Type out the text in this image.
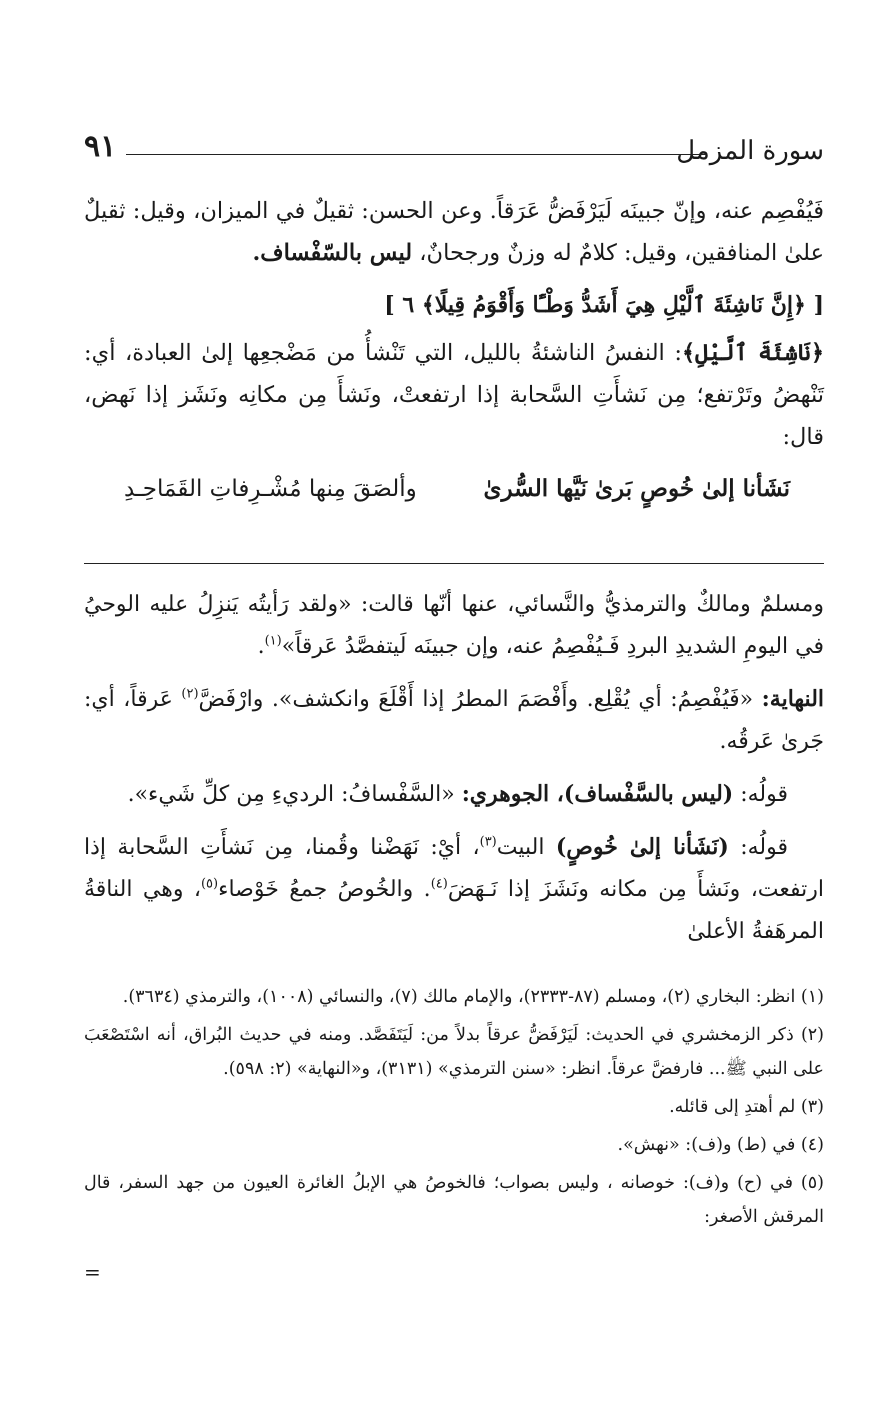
سورة المزمل
٩١

فَيُفْصِم عنه، وإنّ جبينَه لَيَرْفَضُّ عَرَقاً. وعن الحسن: ثقيلٌ في الميزان، وقيل: ثقيلٌ علىٰ المنافقين، وقيل: كلامٌ له وزنٌ ورجحانٌ، ليس بالسّفْساف.

[ ﴿إِنَّ نَاشِئَةَ ٱلَّيْلِ هِيَ أَشَدُّ وَطْـًٔا وَأَقْوَمُ قِيلًا﴾ ٦ ]

﴿نَاشِئَةَ ٱلَّيْلِ﴾: النفسُ الناشئةُ بالليل، التي تَنْشأُ من مَضْجعِها إلىٰ العبادة، أي: تَنْهضُ وتَرْتفع؛ مِن نَشأَتِ السَّحابة إذا ارتفعتْ، ونَشأَ مِن مكانِه ونَشَز إذا نَهض، قال:

نَشَأنا إلىٰ خُوصٍ بَرىٰ نَيَّها السُّرىٰ
وألصَقَ مِنها مُشْـرِفاتِ القَمَاحِـدِ

ومسلمٌ ومالكٌ والترمذيُّ والنَّسائي، عنها أنّها قالت: «ولقد رَأيتُه يَنزِلُ عليه الوحيُ في اليومِ الشديدِ البردِ فَـيُفْصِمُ عنه، وإن جبينَه لَيتفصَّدُ عَرقاً»$^{(١)}$.

النهاية: «فَيُفْصِمُ: أي يُقْلِع. وأَفْصَمَ المطرُ إذا أَقْلَعَ وانكشف». وارْفَضَّ$^{(٢)}$ عَرقاً، أي: جَرىٰ عَرقُه.

قولُه: (ليس بالسَّفْساف)، الجوهري: «السَّفْسافُ: الرديءِ مِن كلِّ شَيء».

قولُه: (نَشَأنا إلىٰ خُوصٍ) البيت$^{(٣)}$، أيْ: نَهَضْنا وقُمنا، مِن نَشأَتِ السَّحابة إذا ارتفعت، ونَشأَ مِن مكانه ونَشَزَ إذا نَـهَضَ$^{(٤)}$. والخُوصُ جمعُ خَوْصاء$^{(٥)}$، وهي الناقةُ المرهَفةُ الأعلىٰ

(١) انظر: البخاري (٢)، ومسلم (٨٧-٢٣٣٣)، والإمام مالك (٧)، والنسائي (١٠٠٨)، والترمذي (٣٦٣٤).

(٢) ذكر الزمخشري في الحديث: لَيَرْفَضُّ عرقاً بدلاً من: لَيَتَفَصَّد. ومنه في حديث البُراق، أنه اسْتَصْعَبَ على النبي ﷺ... فارفضَّ عرقاً. انظر: «سنن الترمذي» (٣١٣١)، و«النهاية» (٢: ٥٩٨).

(٣) لم أهتدِ إلى قائله.

(٤) في (ط) و(ف): «نهش».

(٥) في (ح) و(ف): خوصانه ، وليس بصواب؛ فالخوصُ هي الإبلُ الغائرة العيون من جهد السفر، قال المرقش الأصغر:

=
